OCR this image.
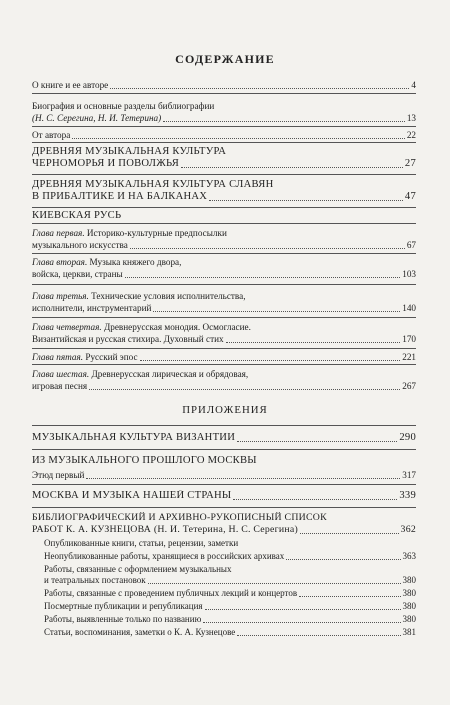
СОДЕРЖАНИЕ
О книге и ее авторе	4
Биография и основные разделы библиографии
(Н. С. Серегина, Н. И. Тетерина)	13
От автора	22
ДРЕВНЯЯ МУЗЫКАЛЬНАЯ КУЛЬТУРА
ЧЕРНОМОРЬЯ И ПОВОЛЖЬЯ	27
ДРЕВНЯЯ МУЗЫКАЛЬНАЯ КУЛЬТУРА СЛАВЯН
В ПРИБАЛТИКЕ И НА БАЛКАНАХ	47
КИЕВСКАЯ РУСЬ
Глава первая. Историко-культурные предпосылки
музыкального искусства	67
Глава вторая. Музыка княжего двора,
войска, церкви, страны	103
Глава третья. Технические условия исполнительства,
исполнители, инструментарий	140
Глава четвертая. Древнерусская монодия. Осмогласие.
Византийская и русская стихира. Духовный стих	170
Глава пятая. Русский эпос	221
Глава шестая. Древнерусская лирическая и обрядовая,
игровая песня	267
ПРИЛОЖЕНИЯ
МУЗЫКАЛЬНАЯ КУЛЬТУРА ВИЗАНТИИ	290
ИЗ МУЗЫКАЛЬНОГО ПРОШЛОГО МОСКВЫ
Этюд первый	317
МОСКВА И МУЗЫКА НАШЕЙ СТРАНЫ	339
БИБЛИОГРАФИЧЕСКИЙ И АРХИВНО-РУКОПИСНЫЙ СПИСОК
РАБОТ К. А. КУЗНЕЦОВА (Н. И. Тетерина, Н. С. Серегина)	362
Опубликованные книги, статьи, рецензии, заметки
Неопубликованные работы, хранящиеся в российских архивах	363
Работы, связанные с оформлением музыкальных
и театральных постановок	380
Работы, связанные с проведением публичных лекций и концертов	380
Посмертные публикации и републикация	380
Работы, выявленные только по названию	380
Статьи, воспоминания, заметки о К. А. Кузнецове	381
